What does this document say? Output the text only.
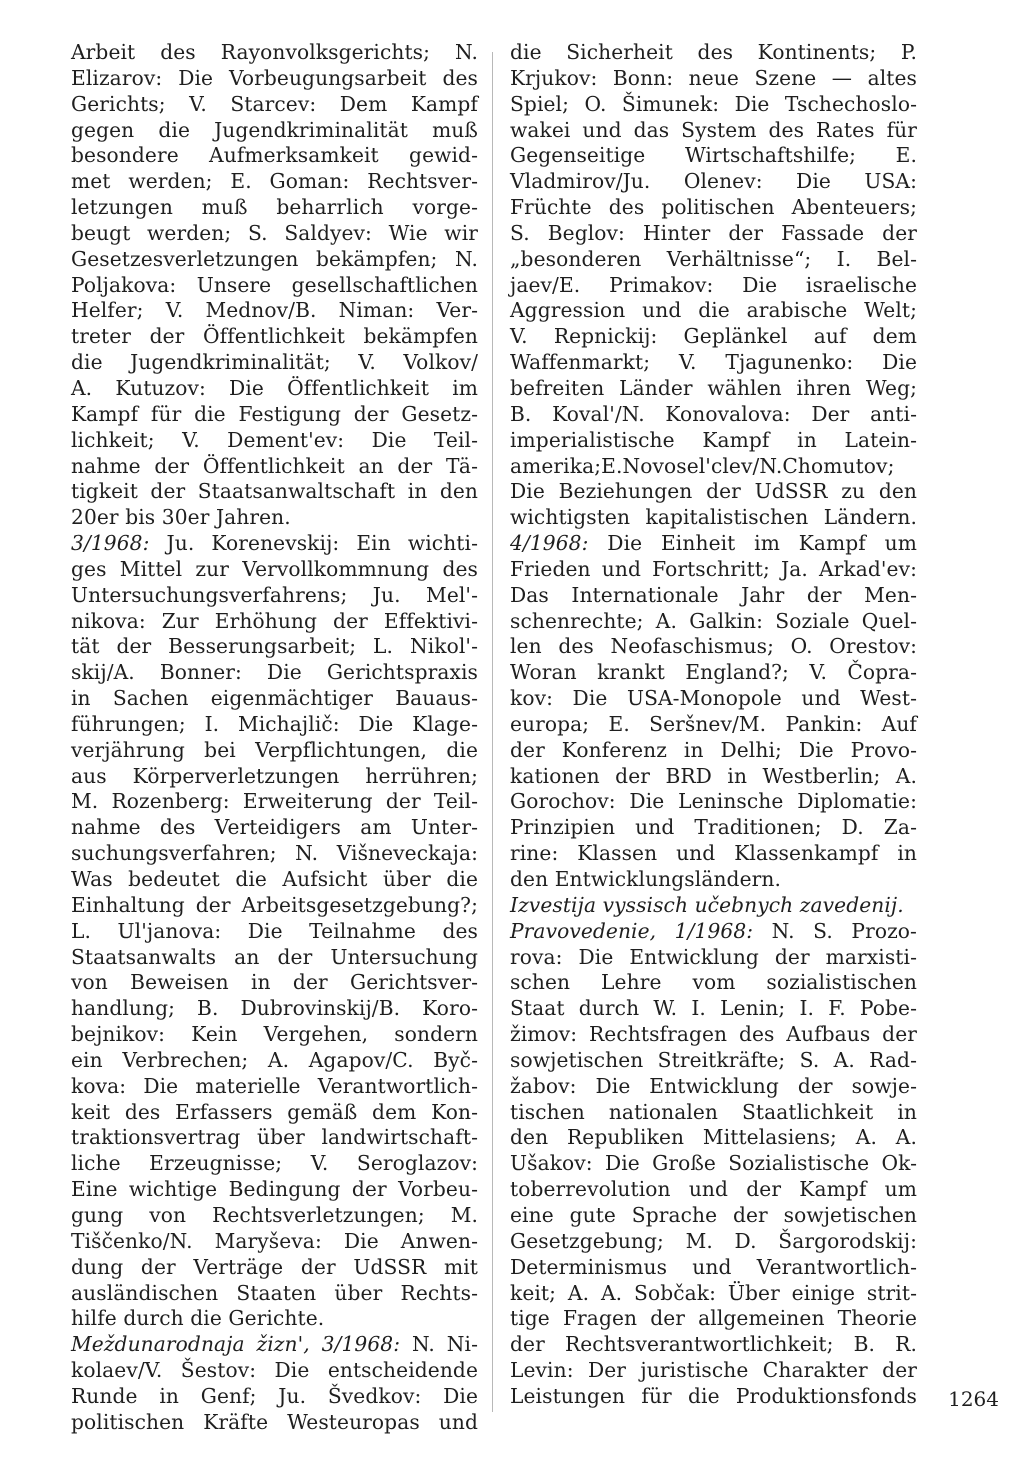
Arbeit des Rayonvolksgerichts; N.
Elizarov: Die Vorbeugungsarbeit des
Gerichts; V. Starcev: Dem Kampf
gegen die Jugendkriminalität muß
besondere Aufmerksamkeit gewid-
met werden; E. Goman: Rechtsver-
letzungen muß beharrlich vorge-
beugt werden; S. Saldyev: Wie wir
Gesetzesverletzungen bekämpfen; N.
Poljakova: Unsere gesellschaftlichen
Helfer; V. Mednov/B. Niman: Ver-
treter der Öffentlichkeit bekämpfen
die Jugendkriminalität; V. Volkov/
A. Kutuzov: Die Öffentlichkeit im
Kampf für die Festigung der Gesetz-
lichkeit; V. Dement'ev: Die Teil-
nahme der Öffentlichkeit an der Tä-
tigkeit der Staatsanwaltschaft in den
20er bis 30er Jahren.
3/1968: Ju. Korenevskij: Ein wichti-
ges Mittel zur Vervollkommnung des
Untersuchungsverfahrens; Ju. Mel'-
nikova: Zur Erhöhung der Effektivi-
tät der Besserungsarbeit; L. Nikol'-
skij/A. Bonner: Die Gerichtspraxis
in Sachen eigenmächtiger Bauaus-
führungen; I. Michajlič: Die Klage-
verjährung bei Verpflichtungen, die
aus Körperverletzungen herrühren;
M. Rozenberg: Erweiterung der Teil-
nahme des Verteidigers am Unter-
suchungsverfahren; N. Višneveckaja:
Was bedeutet die Aufsicht über die
Einhaltung der Arbeitsgesetzgebung?;
L. Ul'janova: Die Teilnahme des
Staatsanwalts an der Untersuchung
von Beweisen in der Gerichtsver-
handlung; B. Dubrovinskij/B. Koro-
bejnikov: Kein Vergehen, sondern
ein Verbrechen; A. Agapov/C. Byč-
kova: Die materielle Verantwortlich-
keit des Erfassers gemäß dem Kon-
traktionsvertrag über landwirtschaft-
liche Erzeugnisse; V. Seroglazov:
Eine wichtige Bedingung der Vorbeu-
gung von Rechtsverletzungen; M.
Tiščenko/N. Maryševa: Die Anwen-
dung der Verträge der UdSSR mit
ausländischen Staaten über Rechts-
hilfe durch die Gerichte.
Meždunarodnaja žizn', 3/1968: N. Ni-
kolaev/V. Šestov: Die entscheidende
Runde in Genf; Ju. Švedkov: Die
politischen Kräfte Westeuropas und
die Sicherheit des Kontinents; P.
Krjukov: Bonn: neue Szene — altes
Spiel; O. Šimunek: Die Tschechoslo-
wakei und das System des Rates für
Gegenseitige Wirtschaftshilfe; E.
Vladmirov/Ju. Olenev: Die USA:
Früchte des politischen Abenteuers;
S. Beglov: Hinter der Fassade der
„besonderen Verhältnisse“; I. Bel-
jaev/E. Primakov: Die israelische
Aggression und die arabische Welt;
V. Repnickij: Geplänkel auf dem
Waffenmarkt; V. Tjagunenko: Die
befreiten Länder wählen ihren Weg;
B. Koval'/N. Konovalova: Der anti-
imperialistische Kampf in Latein-
amerika;E.Novosel'clev/N.Chomutov;
Die Beziehungen der UdSSR zu den
wichtigsten kapitalistischen Ländern.
4/1968: Die Einheit im Kampf um
Frieden und Fortschritt; Ja. Arkad'ev:
Das Internationale Jahr der Men-
schenrechte; A. Galkin: Soziale Quel-
len des Neofaschismus; O. Orestov:
Woran krankt England?; V. Čopra-
kov: Die USA-Monopole und West-
europa; E. Seršnev/M. Pankin: Auf
der Konferenz in Delhi; Die Provo-
kationen der BRD in Westberlin; A.
Gorochov: Die Leninsche Diplomatie:
Prinzipien und Traditionen; D. Za-
rine: Klassen und Klassenkampf in
den Entwicklungsländern.
Izvestija vyssisch učebnych zavedenij.
Pravovedenie, 1/1968: N. S. Prozo-
rova: Die Entwicklung der marxisti-
schen Lehre vom sozialistischen
Staat durch W. I. Lenin; I. F. Pobe-
žimov: Rechtsfragen des Aufbaus der
sowjetischen Streitkräfte; S. A. Rad-
žabov: Die Entwicklung der sowje-
tischen nationalen Staatlichkeit in
den Republiken Mittelasiens; A. A.
Ušakov: Die Große Sozialistische Ok-
toberrevolution und der Kampf um
eine gute Sprache der sowjetischen
Gesetzgebung; M. D. Šargorodskij:
Determinismus und Verantwortlich-
keit; A. A. Sobčak: Über einige strit-
tige Fragen der allgemeinen Theorie
der Rechtsverantwortlichkeit; B. R.
Levin: Der juristische Charakter der
Leistungen für die Produktionsfonds	1264
